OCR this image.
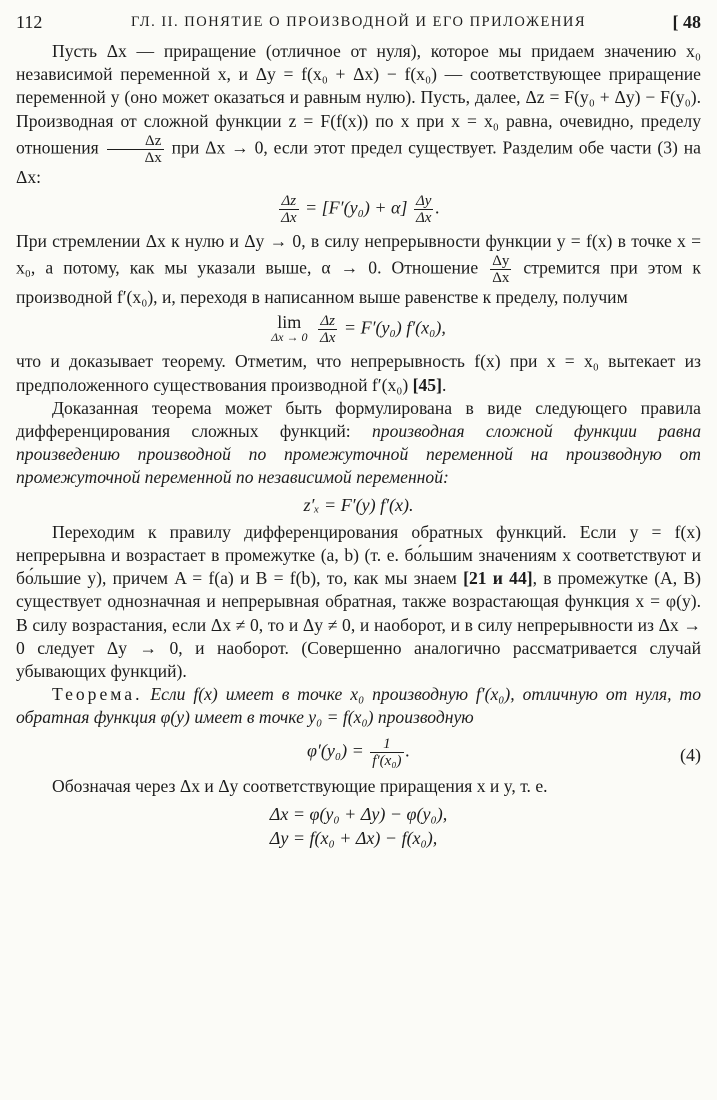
112	ГЛ. II. ПОНЯТИЕ О ПРОИЗВОДНОЙ И ЕГО ПРИЛОЖЕНИЯ	[ 48

Пусть Δx — приращение (отличное от нуля), которое мы придаем значению x₀ независимой переменной x, и Δy = f(x₀ + Δx) − f(x₀) — соответствующее приращение переменной y (оно может оказаться и равным нулю). Пусть, далее, Δz = F(y₀ + Δy) − F(y₀). Производная от сложной функции z = F(f(x)) по x при x = x₀ равна, очевидно, пределу отношения $\frac{\Delta z}{\Delta x}$ при Δx → 0, если этот предел существует. Разделим обе части (3) на Δx:

$\frac{\Delta z}{\Delta x} = [F'(y_0) + \alpha] \frac{\Delta y}{\Delta x}$ .

При стремлении Δx к нулю и Δy → 0, в силу непрерывности функции y = f(x) в точке x = x₀, а потому, как мы указали выше, α → 0. Отношение $\frac{\Delta y}{\Delta x}$ стремится при этом к производной f′(x₀), и, переходя в написанном выше равенстве к пределу, получим

lim
Δx → 0
$\frac{\Delta z}{\Delta x} = F'(y_0)$ f′(x₀),

что и доказывает теорему. Отметим, что непрерывность f(x) при x = x₀ вытекает из предположенного существования производной f′(x₀) [45].

Доказанная теорема может быть формулирована в виде следующего правила дифференцирования сложных функций: производная сложной функции равна произведению производной по промежуточной переменной на производную от промежуточной переменной по независимой переменной:

z′ₓ = F′(y) f′(x).

Переходим к правилу дифференцирования обратных функций. Если y = f(x) непрерывна и возрастает в промежутке (a, b) (т. е. бо́льшим значениям x соответствуют и бо́льшие y), причем A = f(a) и B = f(b), то, как мы знаем [21 и 44], в промежутке (A, B) существует однозначная и непрерывная обратная, также возрастающая функция x = φ(y). В силу возрастания, если Δx ≠ 0, то и Δy ≠ 0, и наоборот, и в силу непрерывности из Δx → 0 следует Δy → 0, и наоборот. (Совершенно аналогично рассматривается случай убывающих функций).

Теорема. Если f(x) имеет в точке x₀ производную f′(x₀), отличную от нуля, то обратная функция φ(y) имеет в точке y₀ = f(x₀) производную

$\varphi'(y_0) = \frac{1}{\text{f′(x₀)}}$ .	(4)

Обозначая через Δx и Δy соответствующие приращения x и y, т. е.

Δx = φ(y₀ + Δy) − φ(y₀),
Δy = f(x₀ + Δx) − f(x₀),
